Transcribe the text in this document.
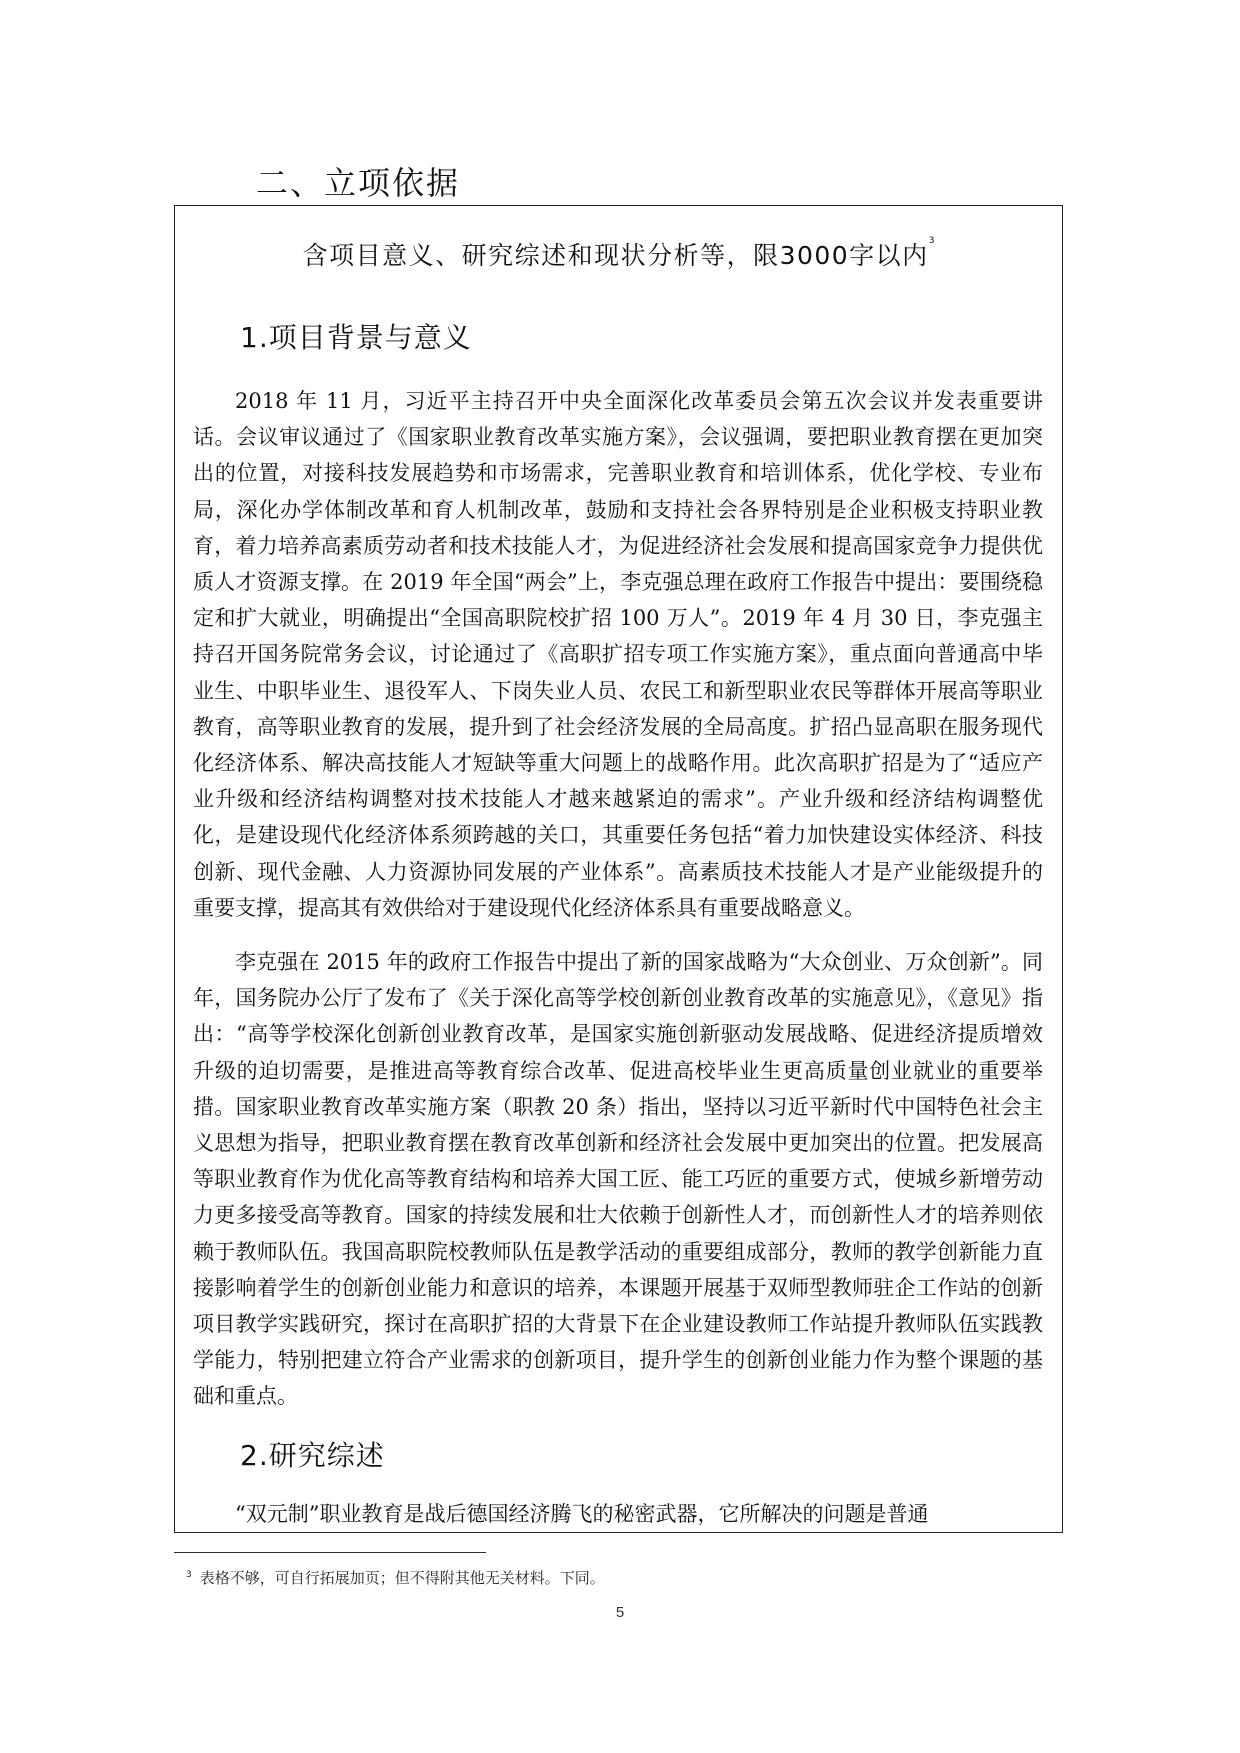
二、立项依据
含项目意义、研究综述和现状分析等，限3000字以内$^3$
1.项目背景与意义

2018 年 11 月，习近平主持召开中央全面深化改革委员会第五次会议并发表重要讲话。会议审议通过了《国家职业教育改革实施方案》，会议强调，要把职业教育摆在更加突出的位置，对接科技发展趋势和市场需求，完善职业教育和培训体系，优化学校、专业布局，深化办学体制改革和育人机制改革，鼓励和支持社会各界特别是企业积极支持职业教育，着力培养高素质劳动者和技术技能人才，为促进经济社会发展和提高国家竞争力提供优质人才资源支撑。在 2019 年全国“两会”上，李克强总理在政府工作报告中提出：要围绕稳定和扩大就业，明确提出“全国高职院校扩招 100 万人”。2019 年 4 月 30 日，李克强主持召开国务院常务会议，讨论通过了《高职扩招专项工作实施方案》，重点面向普通高中毕业生、中职毕业生、退役军人、下岗失业人员、农民工和新型职业农民等群体开展高等职业教育，高等职业教育的发展，提升到了社会经济发展的全局高度。扩招凸显高职在服务现代化经济体系、解决高技能人才短缺等重大问题上的战略作用。此次高职扩招是为了“适应产业升级和经济结构调整对技术技能人才越来越紧迫的需求”。产业升级和经济结构调整优化，是建设现代化经济体系须跨越的关口，其重要任务包括“着力加快建设实体经济、科技创新、现代金融、人力资源协同发展的产业体系”。高素质技术技能人才是产业能级提升的重要支撑，提高其有效供给对于建设现代化经济体系具有重要战略意义。

李克强在 2015 年的政府工作报告中提出了新的国家战略为“大众创业、万众创新”。同年，国务院办公厅了发布了《关于深化高等学校创新创业教育改革的实施意见》，《意见》指出：“高等学校深化创新创业教育改革，是国家实施创新驱动发展战略、促进经济提质增效升级的迫切需要，是推进高等教育综合改革、促进高校毕业生更高质量创业就业的重要举措。国家职业教育改革实施方案（职教 20 条）指出，坚持以习近平新时代中国特色社会主义思想为指导，把职业教育摆在教育改革创新和经济社会发展中更加突出的位置。把发展高等职业教育作为优化高等教育结构和培养大国工匠、能工巧匠的重要方式，使城乡新增劳动力更多接受高等教育。国家的持续发展和壮大依赖于创新性人才，而创新性人才的培养则依赖于教师队伍。我国高职院校教师队伍是教学活动的重要组成部分，教师的教学创新能力直接影响着学生的创新创业能力和意识的培养，本课题开展基于双师型教师驻企工作站的创新项目教学实践研究，探讨在高职扩招的大背景下在企业建设教师工作站提升教师队伍实践教学能力，特别把建立符合产业需求的创新项目，提升学生的创新创业能力作为整个课题的基础和重点。

2.研究综述

“双元制”职业教育是战后德国经济腾飞的秘密武器，它所解决的问题是普通

$^3$ 表格不够，可自行拓展加页；但不得附其他无关材料。下同。
5
